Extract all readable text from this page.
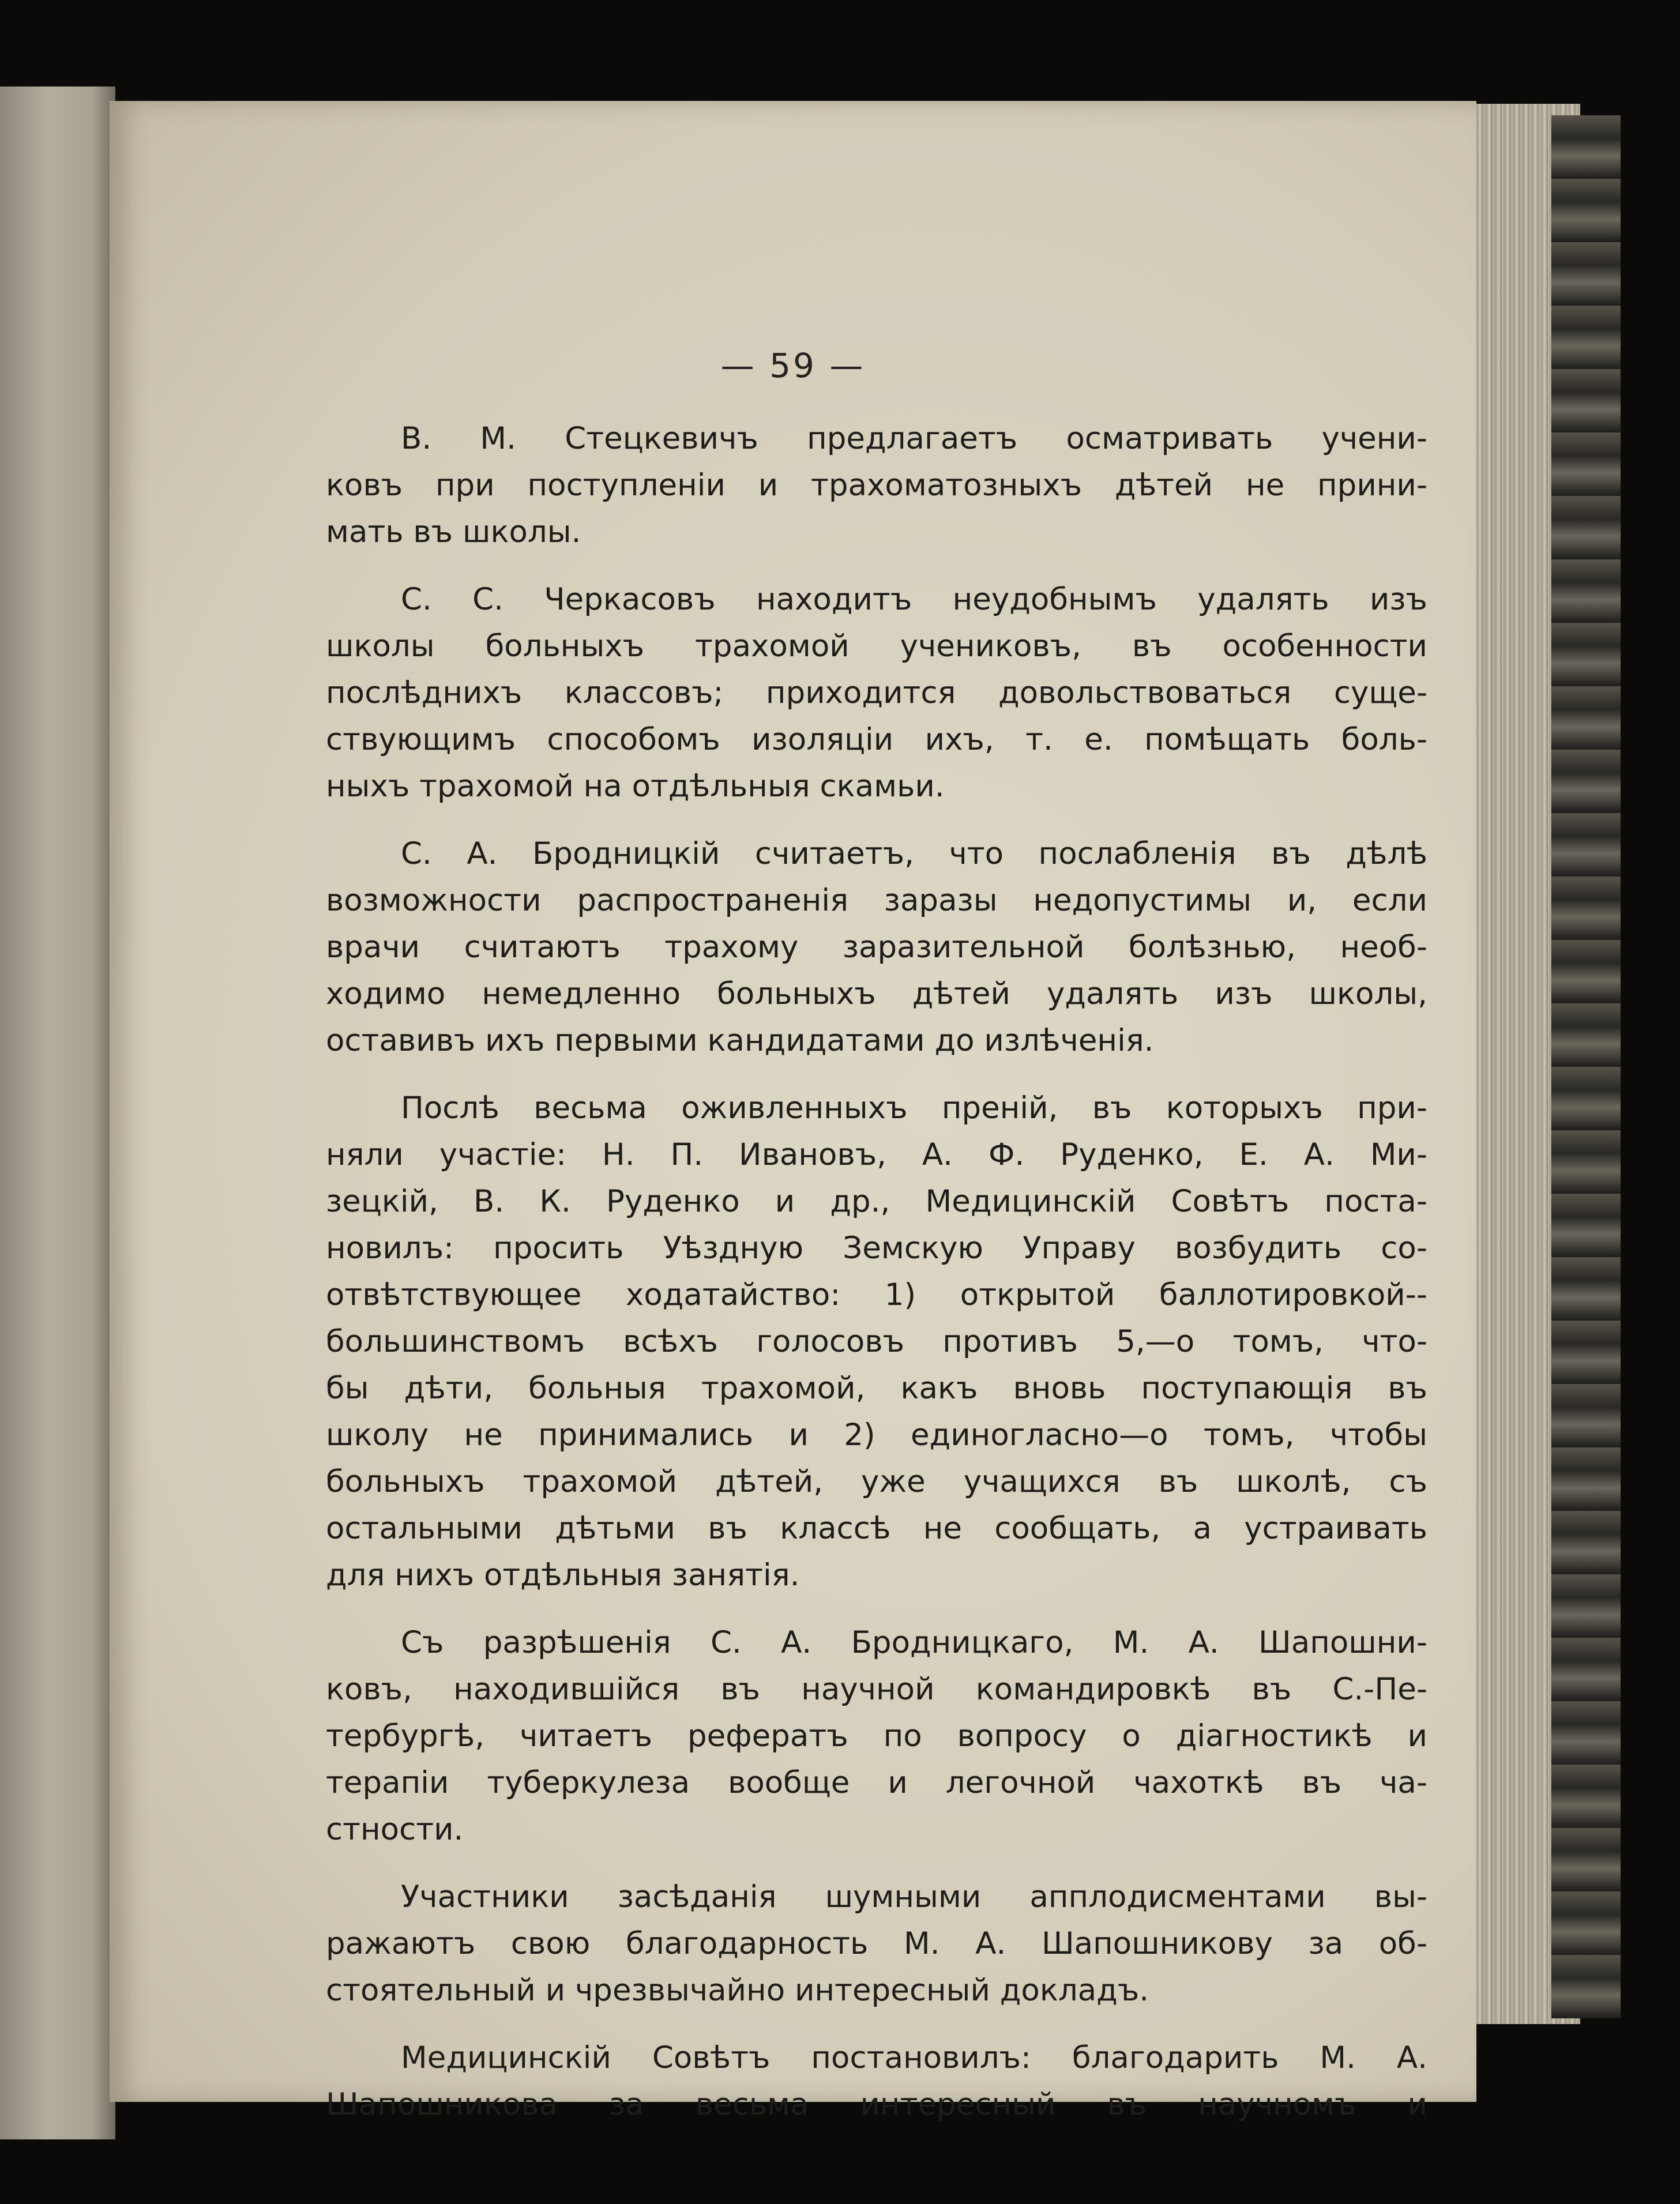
— 59 —
В. М. Стецкевичъ предлагаетъ осматривать учени-
ковъ при поступленіи и трахоматозныхъ дѣтей не прини-
мать въ школы.
С. С. Черкасовъ находитъ неудобнымъ удалять изъ
школы больныхъ трахомой учениковъ, въ особенности
послѣднихъ классовъ; приходится довольствоваться суще-
ствующимъ способомъ изоляціи ихъ, т. е. помѣщать боль-
ныхъ трахомой на отдѣльныя скамьи.
С. А. Бродницкій считаетъ, что послабленія въ дѣлѣ
возможности распространенія заразы недопустимы и, если
врачи считаютъ трахому заразительной болѣзнью, необ-
ходимо немедленно больныхъ дѣтей удалять изъ школы,
оставивъ ихъ первыми кандидатами до излѣченія.
Послѣ весьма оживленныхъ преній, въ которыхъ при-
няли участіе: Н. П. Ивановъ, А. Ф. Руденко, Е. А. Ми-
зецкій, В. К. Руденко и др., Медицинскій Совѣтъ поста-
новилъ: просить Уѣздную Земскую Управу возбудить со-
отвѣтствующее ходатайство: 1) открытой баллотировкой--
большинствомъ всѣхъ голосовъ противъ 5,—о томъ, что-
бы дѣти, больныя трахомой, какъ вновь поступающія въ
школу не принимались и 2) единогласно—о томъ, чтобы
больныхъ трахомой дѣтей, уже учащихся въ школѣ, съ
остальными дѣтьми въ классѣ не сообщать, а устраивать
для нихъ отдѣльныя занятія.
Съ разрѣшенія С. А. Бродницкаго, М. А. Шапошни-
ковъ, находившійся въ научной командировкѣ въ С.-Пе-
тербургѣ, читаетъ рефератъ по вопросу о діагностикѣ и
терапіи туберкулеза вообще и легочной чахоткѣ въ ча-
стности.
Участники засѣданія шумными апплодисментами вы-
ражаютъ свою благодарность М. А. Шапошникову за об-
стоятельный и чрезвычайно интересный докладъ.
Медицинскій Совѣтъ постановилъ: благодарить М. А.
Шапошникова за весьма интересный въ научномъ и
